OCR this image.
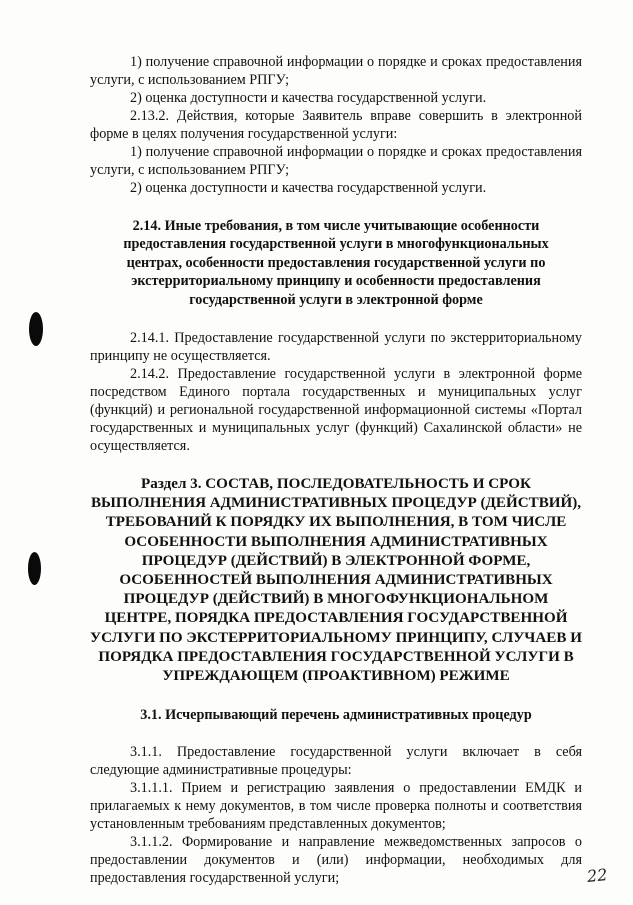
1) получение справочной информации о порядке и сроках предоставления услуги, с использованием РПГУ;

2) оценка доступности и качества государственной услуги.

2.13.2. Действия, которые Заявитель вправе совершить в электронной форме в целях получения государственной услуги:

1) получение справочной информации о порядке и сроках предоставления услуги, с использованием РПГУ;

2) оценка доступности и качества государственной услуги.

2.14. Иные требования, в том числе учитывающие особенности предоставления государственной услуги в многофункциональных центрах, особенности предоставления государственной услуги по экстерриториальному принципу и особенности предоставления государственной услуги в электронной форме

2.14.1. Предоставление государственной услуги по экстерриториальному принципу не осуществляется.

2.14.2. Предоставление государственной услуги в электронной форме посредством Единого портала государственных и муниципальных услуг (функций) и региональной государственной информационной системы «Портал государственных и муниципальных услуг (функций) Сахалинской области» не осуществляется.

Раздел 3. СОСТАВ, ПОСЛЕДОВАТЕЛЬНОСТЬ И СРОК ВЫПОЛНЕНИЯ АДМИНИСТРАТИВНЫХ ПРОЦЕДУР (ДЕЙСТВИЙ), ТРЕБОВАНИЙ К ПОРЯДКУ ИХ ВЫПОЛНЕНИЯ, В ТОМ ЧИСЛЕ ОСОБЕННОСТИ ВЫПОЛНЕНИЯ АДМИНИСТРАТИВНЫХ ПРОЦЕДУР (ДЕЙСТВИЙ) В ЭЛЕКТРОННОЙ ФОРМЕ, ОСОБЕННОСТЕЙ ВЫПОЛНЕНИЯ АДМИНИСТРАТИВНЫХ ПРОЦЕДУР (ДЕЙСТВИЙ) В МНОГОФУНКЦИОНАЛЬНОМ ЦЕНТРЕ, ПОРЯДКА ПРЕДОСТАВЛЕНИЯ ГОСУДАРСТВЕННОЙ УСЛУГИ ПО ЭКСТЕРРИТОРИАЛЬНОМУ ПРИНЦИПУ, СЛУЧАЕВ И ПОРЯДКА ПРЕДОСТАВЛЕНИЯ ГОСУДАРСТВЕННОЙ УСЛУГИ В УПРЕЖДАЮЩЕМ (ПРОАКТИВНОМ) РЕЖИМЕ
3.1. Исчерпывающий перечень административных процедур

3.1.1. Предоставление государственной услуги включает в себя следующие административные процедуры:

3.1.1.1. Прием и регистрацию заявления о предоставлении ЕМДК и прилагаемых к нему документов, в том числе проверка полноты и соответствия установленным требованиям представленных документов;

3.1.1.2. Формирование и направление межведомственных запросов о предоставлении документов и (или) информации, необходимых для предоставления государственной услуги;	22
